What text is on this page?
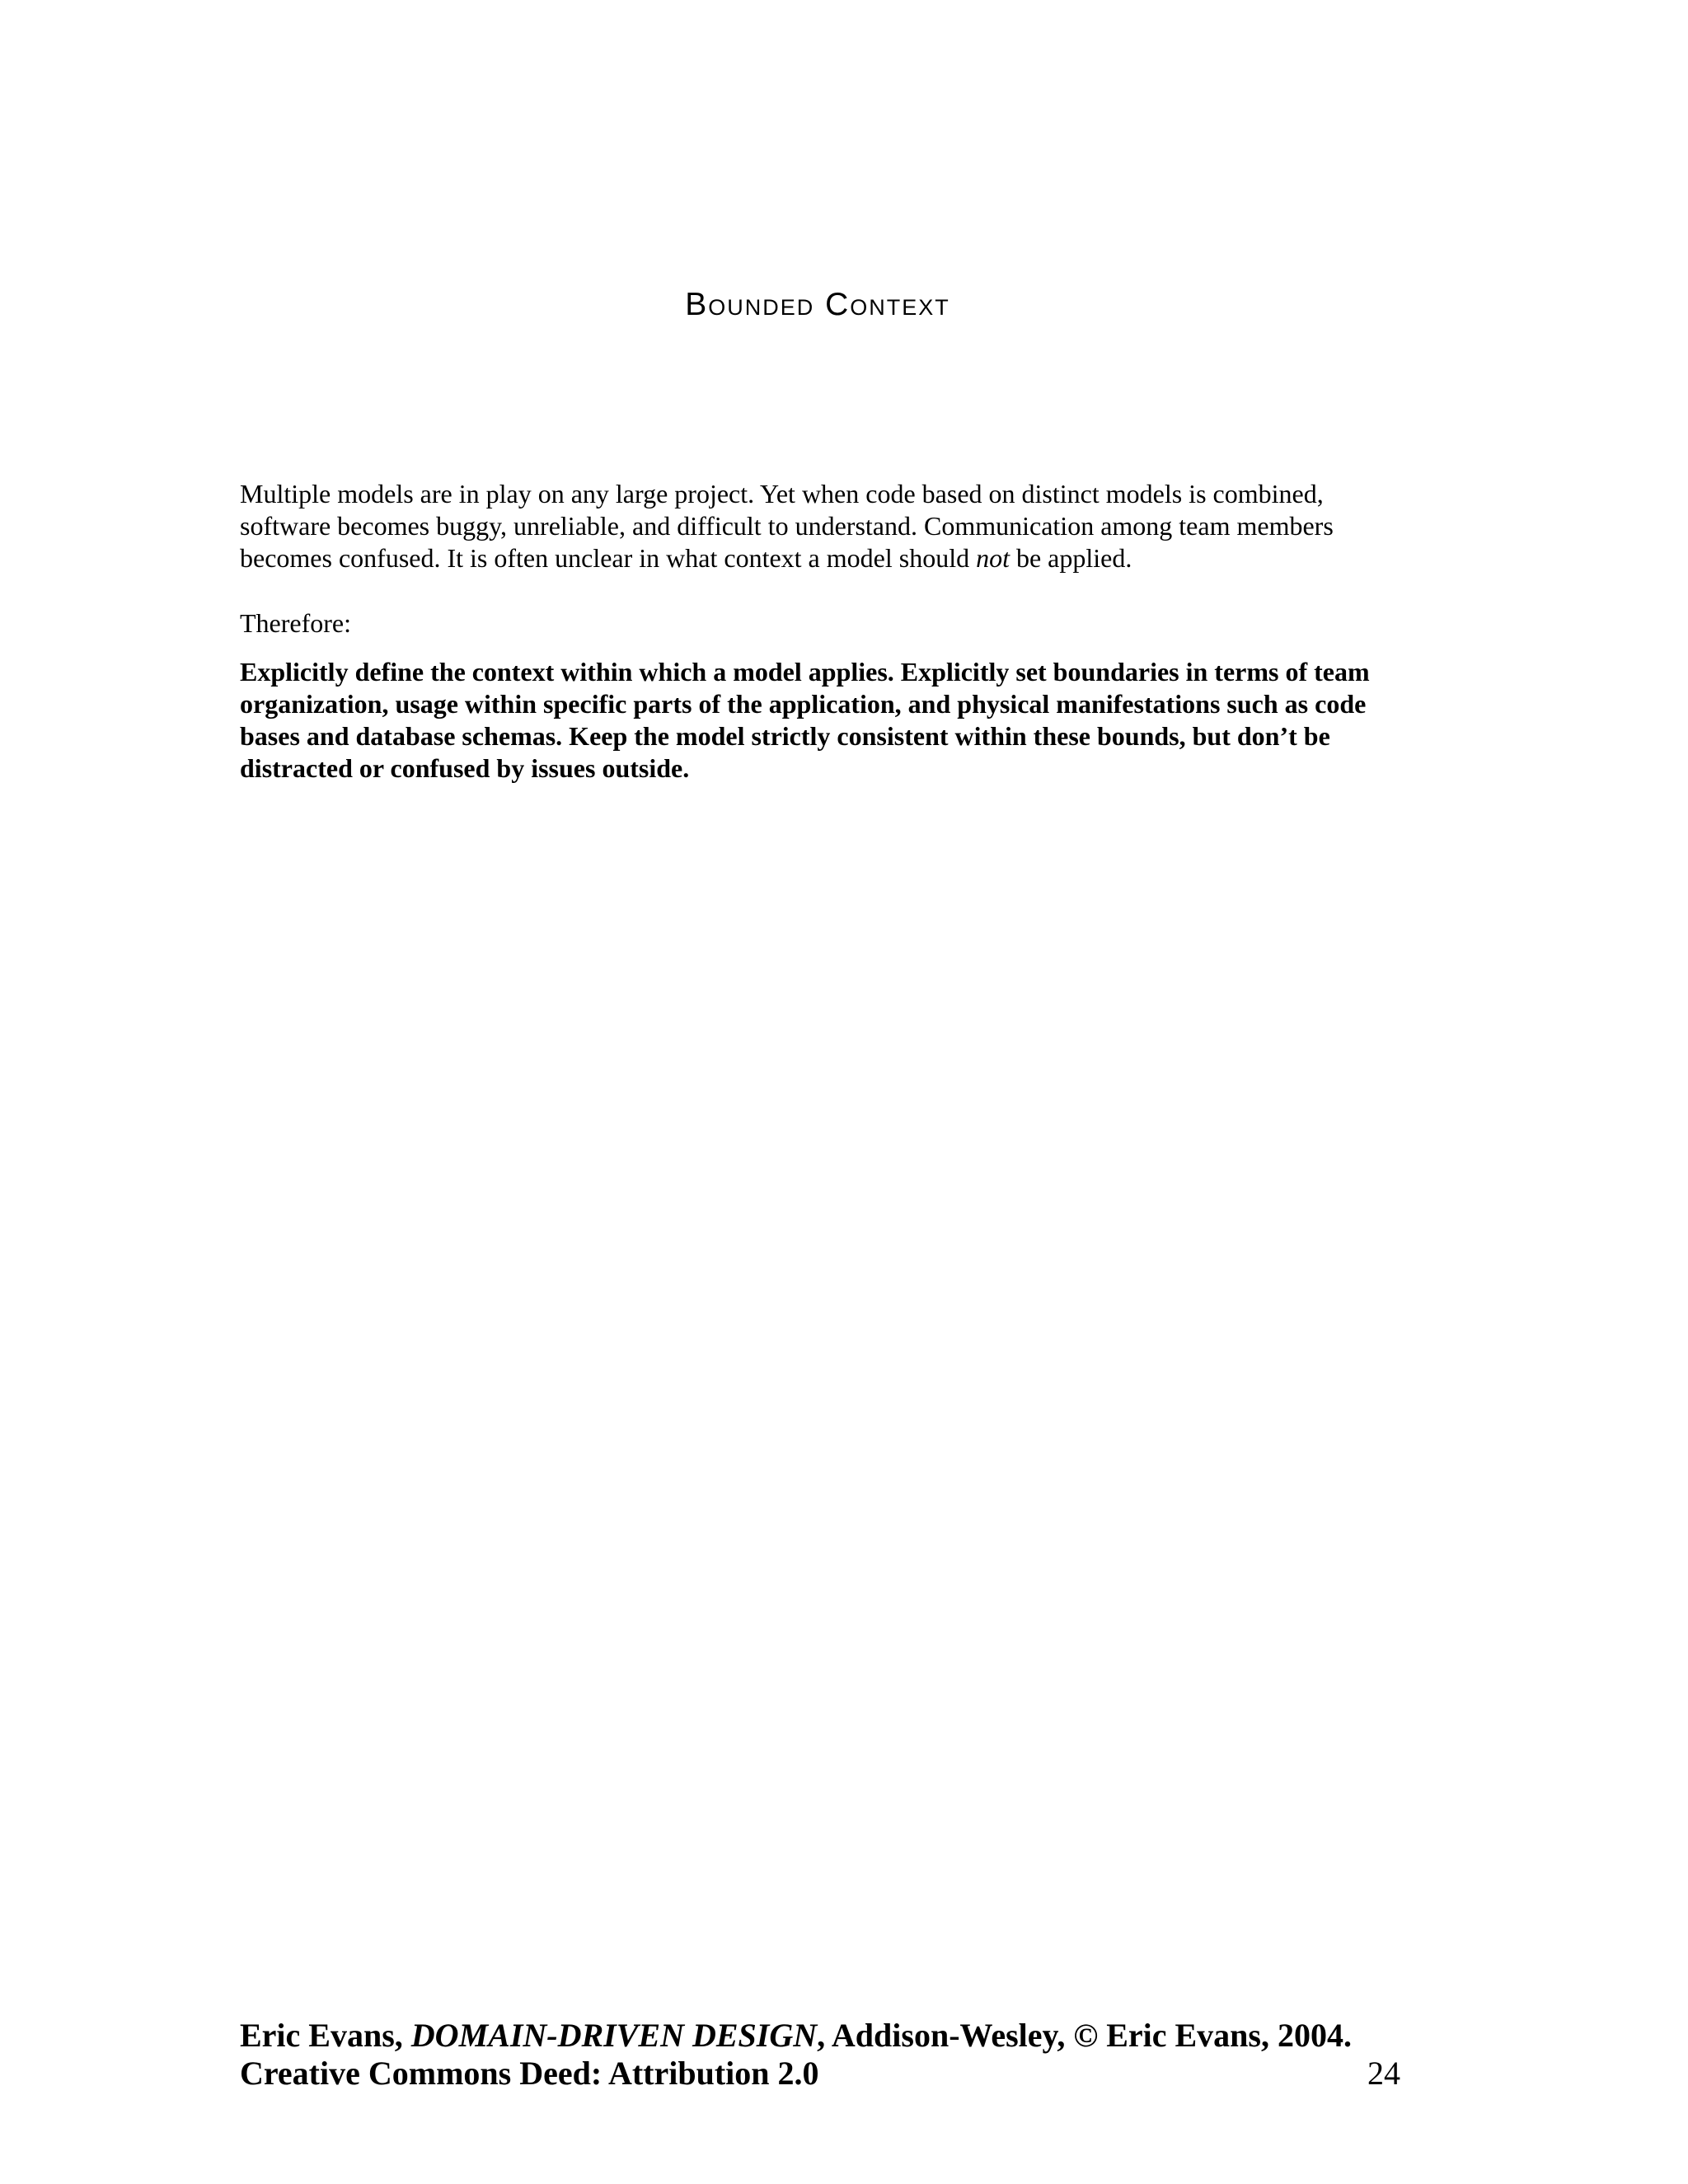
Bounded Context

Multiple models are in play on any large project. Yet when code based on distinct models is combined, software becomes buggy, unreliable, and difficult to understand. Communication among team members becomes confused. It is often unclear in what context a model should not be applied.

Therefore:

Explicitly define the context within which a model applies. Explicitly set boundaries in terms of team organization, usage within specific parts of the application, and physical manifestations such as code bases and database schemas. Keep the model strictly consistent within these bounds, but don’t be distracted or confused by issues outside.

Eric Evans, DOMAIN-DRIVEN DESIGN, Addison-Wesley, © Eric Evans, 2004.
Creative Commons Deed: Attribution 2.0	24
